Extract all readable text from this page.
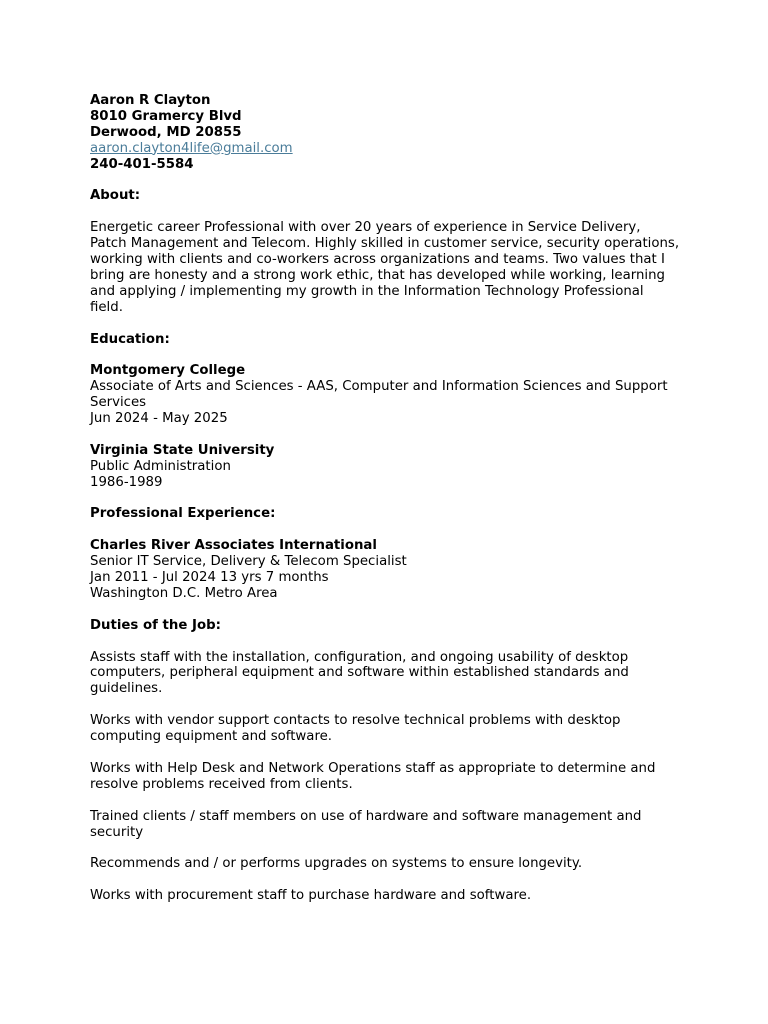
Aaron R Clayton
8010 Gramercy Blvd
Derwood, MD 20855
aaron.clayton4life@gmail.com
240-401-5584
About:
Energetic career Professional with over 20 years of experience in Service Delivery,
Patch Management and Telecom. Highly skilled in customer service, security operations,
working with clients and co-workers across organizations and teams. Two values that I
bring are honesty and a strong work ethic, that has developed while working, learning
and applying / implementing my growth in the Information Technology Professional
field.
Education:
Montgomery College
Associate of Arts and Sciences - AAS, Computer and Information Sciences and Support
Services
Jun 2024 - May 2025
Virginia State University
Public Administration
1986-1989
Professional Experience:
Charles River Associates International
Senior IT Service, Delivery & Telecom Specialist
Jan 2011 - Jul 2024 13 yrs 7 months
Washington D.C. Metro Area
Duties of the Job:
Assists staff with the installation, configuration, and ongoing usability of desktop
computers, peripheral equipment and software within established standards and
guidelines.
Works with vendor support contacts to resolve technical problems with desktop
computing equipment and software.
Works with Help Desk and Network Operations staff as appropriate to determine and
resolve problems received from clients.
Trained clients / staff members on use of hardware and software management and
security
Recommends and / or performs upgrades on systems to ensure longevity.
Works with procurement staff to purchase hardware and software.
